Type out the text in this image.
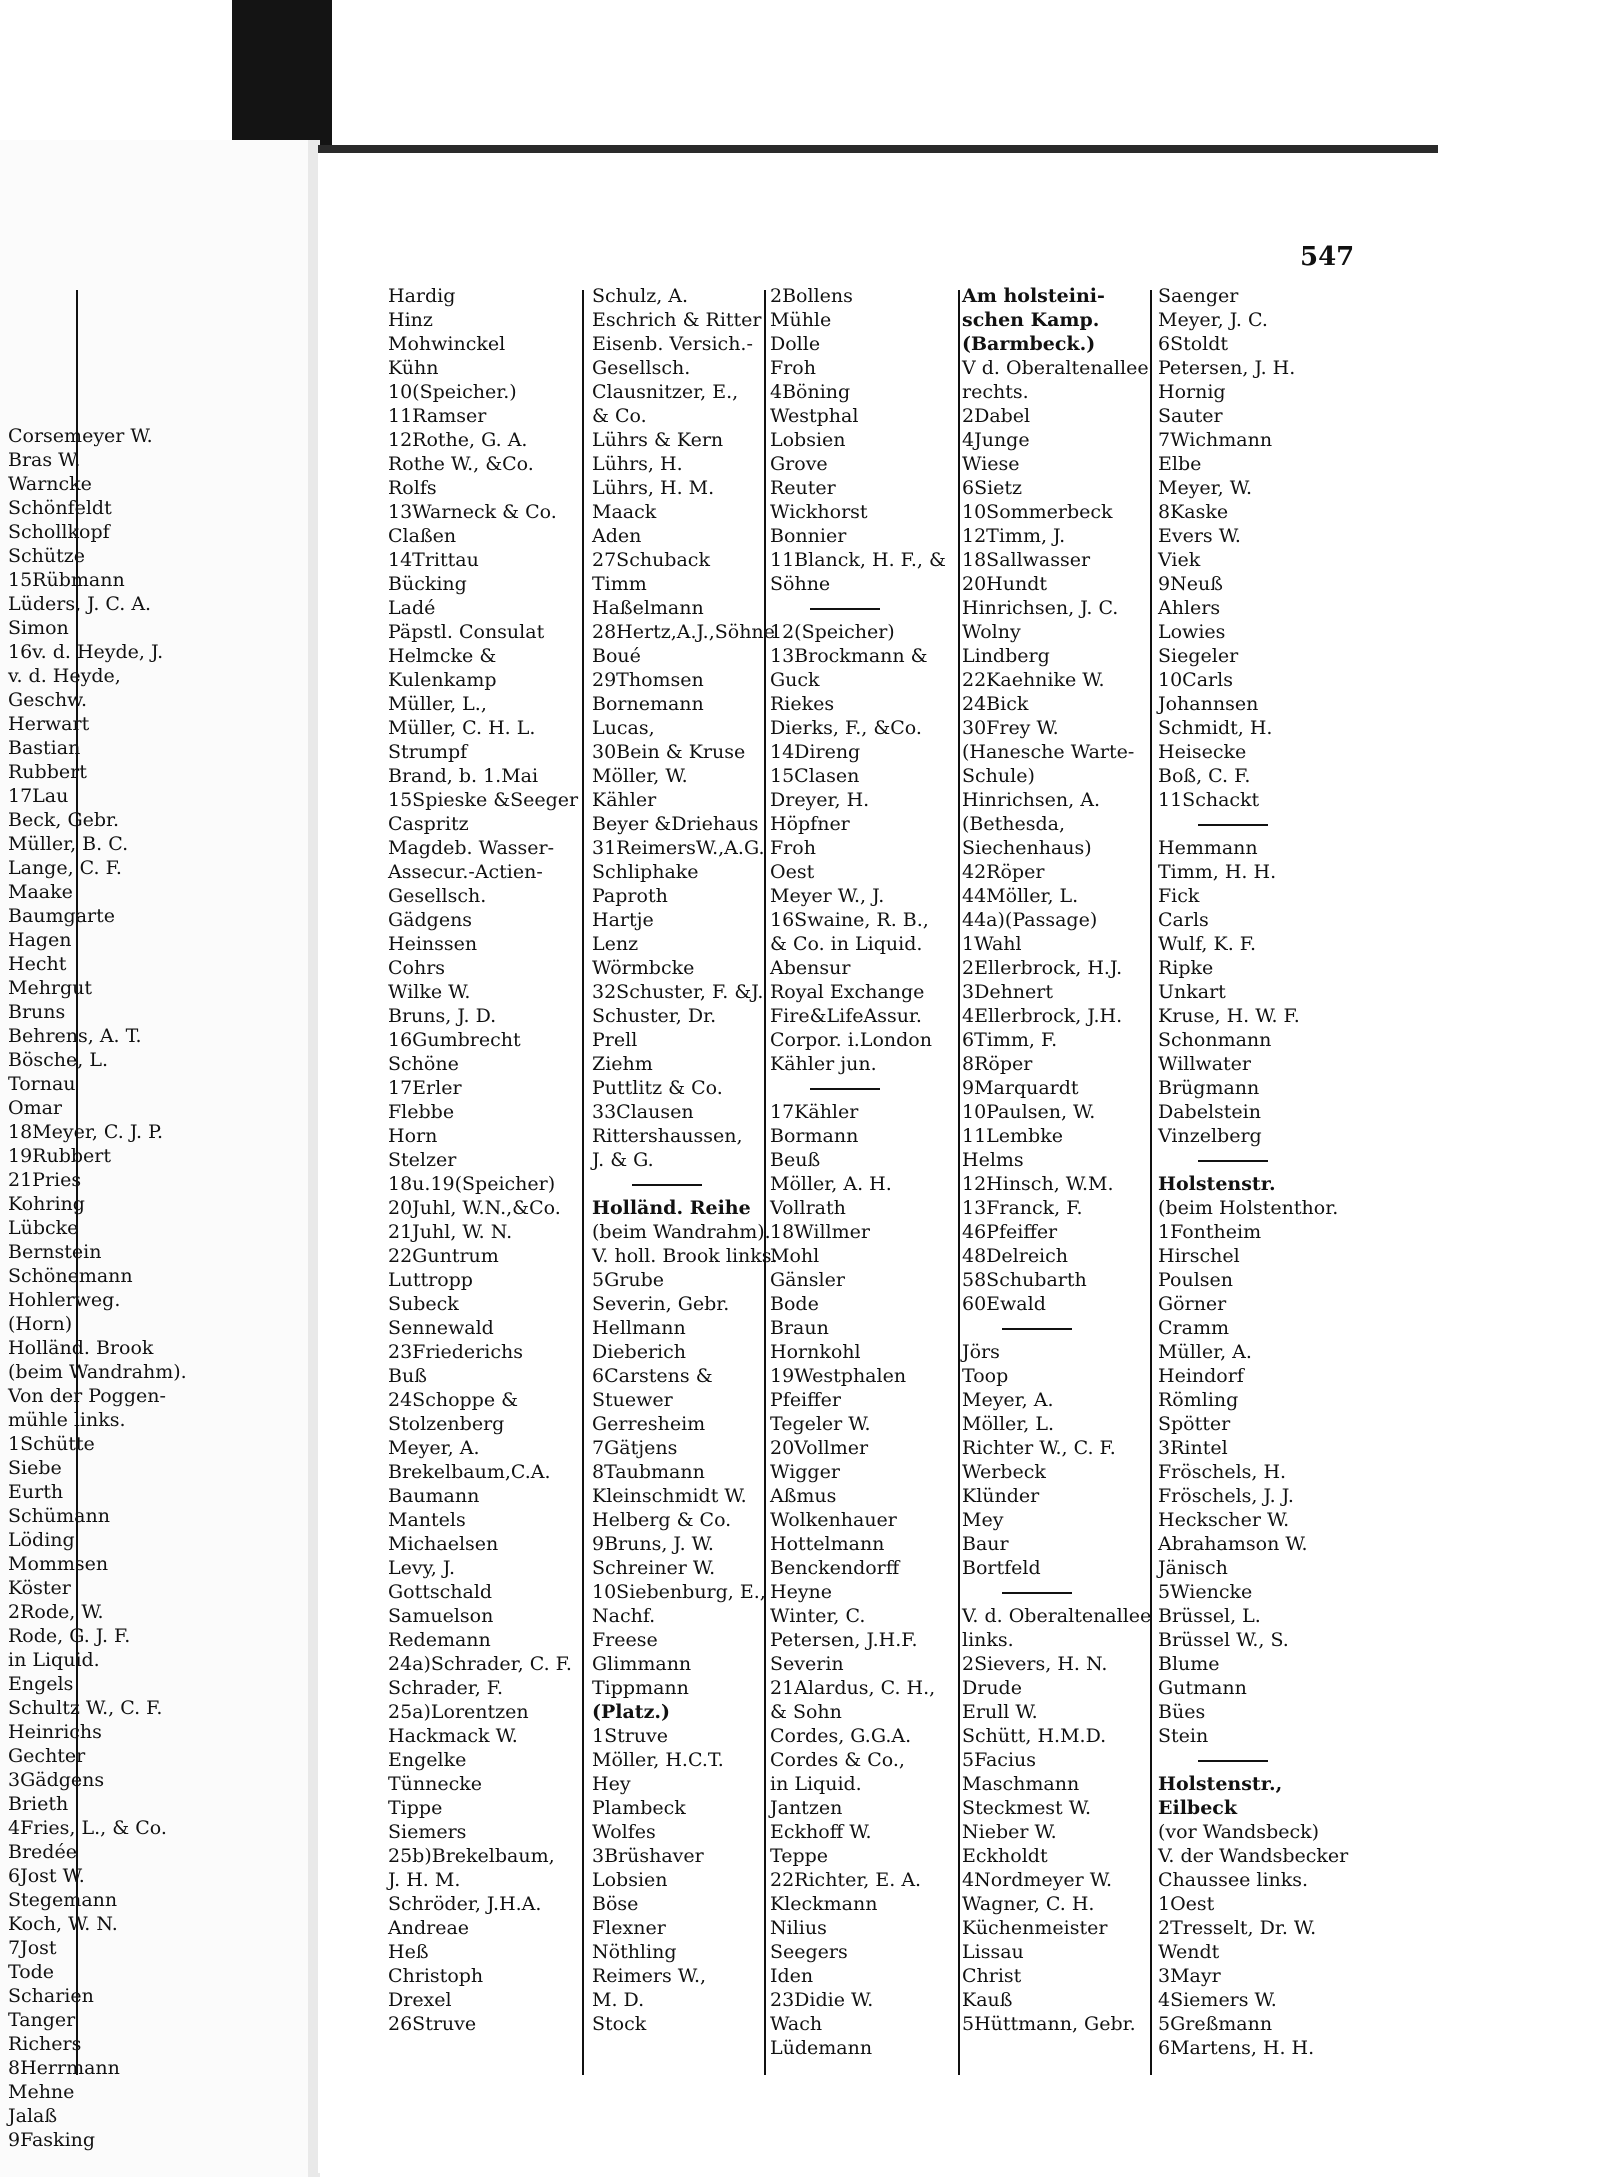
Corsemeyer W.
Bras W.
Warncke
Schönfeldt
Schollkopf
Schütze
15Rübmann
Lüders, J. C. A.
Simon
16v. d. Heyde, J.
v. d. Heyde,
Geschw.
Herwart
Bastian
Rubbert
17Lau
Beck, Gebr.
Müller, B. C.
Lange, C. F.
Maake
Baumgarte
Hagen
Hecht
Mehrgut
Bruns
Behrens, A. T.
Bösche, L.
Tornau
Omar
18Meyer, C. J. P.
19Rubbert
21Pries
Kohring
Lübcke
Bernstein
Schönemann
Hohlerweg.
(Horn)
Holländ. Brook
(beim Wandrahm).
Von der Poggen-
mühle links.
1Schütte
Siebe
Eurth
Schümann
Löding
Mommsen
Köster
2Rode, W.
Rode, G. J. F.
in Liquid.
Engels
Schultz W., C. F.
Heinrichs
Gechter
3Gädgens
Brieth
4Fries, L., & Co.
Bredée
6Jost W.
Stegemann
Koch, W. N.
7Jost
Tode
Scharien
Tanger
Richers
8Herrmann
Mehne
Jalaß
9Fasking
547
Hardig
Hinz
Mohwinckel
Kühn
10(Speicher.)
11Ramser
12Rothe, G. A.
Rothe W., &Co.
Rolfs
13Warneck & Co.
Claßen
14Trittau
Bücking
Ladé
Päpstl. Consulat
Helmcke &
Kulenkamp
Müller, L.,
Müller, C. H. L.
Strumpf
Brand, b. 1.Mai
15Spieske &Seeger
Caspritz
Magdeb. Wasser-
Assecur.-Actien-
Gesellsch.
Gädgens
Heinssen
Cohrs
Wilke W.
Bruns, J. D.
16Gumbrecht
Schöne
17Erler
Flebbe
Horn
Stelzer
18u.19(Speicher)
20Juhl, W.N.,&Co.
21Juhl, W. N.
22Guntrum
Luttropp
Subeck
Sennewald
23Friederichs
Buß
24Schoppe &
Stolzenberg
Meyer, A.
Brekelbaum,C.A.
Baumann
Mantels
Michaelsen
Levy, J.
Gottschald
Samuelson
Redemann
24a)Schrader, C. F.
Schrader, F.
25a)Lorentzen
Hackmack W.
Engelke
Tünnecke
Tippe
Siemers
25b)Brekelbaum,
J. H. M.
Schröder, J.H.A.
Andreae
Heß
Christoph
Drexel
26Struve
Schulz, A.
Eschrich & Ritter
Eisenb. Versich.-
Gesellsch.
Clausnitzer, E.,
& Co.
Lührs & Kern
Lührs, H.
Lührs, H. M.
Maack
Aden
27Schuback
Timm
Haßelmann
28Hertz,A.J.,Söhne
Boué
29Thomsen
Bornemann
Lucas,
30Bein & Kruse
Möller, W.
Kähler
Beyer &Driehaus
31ReimersW.,A.G.
Schliphake
Paproth
Hartje
Lenz
Wörmbcke
32Schuster, F. &J.
Schuster, Dr.
Prell
Ziehm
Puttlitz & Co.
33Clausen
Rittershaussen,
J. & G.
Holländ. Reihe
(beim Wandrahm).
V. holl. Brook links.
5Grube
Severin, Gebr.
Hellmann
Dieberich
6Carstens &
Stuewer
Gerresheim
7Gätjens
8Taubmann
Kleinschmidt W.
Helberg & Co.
9Bruns, J. W.
Schreiner W.
10Siebenburg, E.,
Nachf.
Freese
Glimmann
Tippmann
(Platz.)
1Struve
Möller, H.C.T.
Hey
Plambeck
Wolfes
3Brüshaver
Lobsien
Böse
Flexner
Nöthling
Reimers W.,
M. D.
Stock
2Bollens
Mühle
Dolle
Froh
4Böning
Westphal
Lobsien
Grove
Reuter
Wickhorst
Bonnier
11Blanck, H. F., &
Söhne
12(Speicher)
13Brockmann &
Guck
Riekes
Dierks, F., &Co.
14Direng
15Clasen
Dreyer, H.
Höpfner
Froh
Oest
Meyer W., J.
16Swaine, R. B.,
& Co. in Liquid.
Abensur
Royal Exchange
Fire&LifeAssur.
Corpor. i.London
Kähler jun.
17Kähler
Bormann
Beuß
Möller, A. H.
Vollrath
18Willmer
Mohl
Gänsler
Bode
Braun
Hornkohl
19Westphalen
Pfeiffer
Tegeler W.
20Vollmer
Wigger
Aßmus
Wolkenhauer
Hottelmann
Benckendorff
Heyne
Winter, C.
Petersen, J.H.F.
Severin
21Alardus, C. H.,
& Sohn
Cordes, G.G.A.
Cordes & Co.,
in Liquid.
Jantzen
Eckhoff W.
Teppe
22Richter, E. A.
Kleckmann
Nilius
Seegers
Iden
23Didie W.
Wach
Lüdemann
Am holsteini-
schen Kamp.
(Barmbeck.)
V d. Oberaltenallee
rechts.
2Dabel
4Junge
Wiese
6Sietz
10Sommerbeck
12Timm, J.
18Sallwasser
20Hundt
Hinrichsen, J. C.
Wolny
Lindberg
22Kaehnike W.
24Bick
30Frey W.
(Hanesche Warte-
Schule)
Hinrichsen, A.
(Bethesda,
Siechenhaus)
42Röper
44Möller, L.
44a)(Passage)
1Wahl
2Ellerbrock, H.J.
3Dehnert
4Ellerbrock, J.H.
6Timm, F.
8Röper
9Marquardt
10Paulsen, W.
11Lembke
Helms
12Hinsch, W.M.
13Franck, F.
46Pfeiffer
48Delreich
58Schubarth
60Ewald
Jörs
Toop
Meyer, A.
Möller, L.
Richter W., C. F.
Werbeck
Klünder
Mey
Baur
Bortfeld
V. d. Oberaltenallee
links.
2Sievers, H. N.
Drude
Erull W.
Schütt, H.M.D.
5Facius
Maschmann
Steckmest W.
Nieber W.
Eckholdt
4Nordmeyer W.
Wagner, C. H.
Küchenmeister
Lissau
Christ
Kauß
5Hüttmann, Gebr.
Saenger
Meyer, J. C.
6Stoldt
Petersen, J. H.
Hornig
Sauter
7Wichmann
Elbe
Meyer, W.
8Kaske
Evers W.
Viek
9Neuß
Ahlers
Lowies
Siegeler
10Carls
Johannsen
Schmidt, H.
Heisecke
Boß, C. F.
11Schackt
Hemmann
Timm, H. H.
Fick
Carls
Wulf, K. F.
Ripke
Unkart
Kruse, H. W. F.
Schonmann
Willwater
Brügmann
Dabelstein
Vinzelberg
Holstenstr.
(beim Holstenthor.
1Fontheim
Hirschel
Poulsen
Görner
Cramm
Müller, A.
Heindorf
Römling
Spötter
3Rintel
Fröschels, H.
Fröschels, J. J.
Heckscher W.
Abrahamson W.
Jänisch
5Wiencke
Brüssel, L.
Brüssel W., S.
Blume
Gutmann
Bües
Stein
Holstenstr.,
Eilbeck
(vor Wandsbeck)
V. der Wandsbecker
Chaussee links.
1Oest
2Tresselt, Dr. W.
Wendt
3Mayr
4Siemers W.
5Greßmann
6Martens, H. H.
